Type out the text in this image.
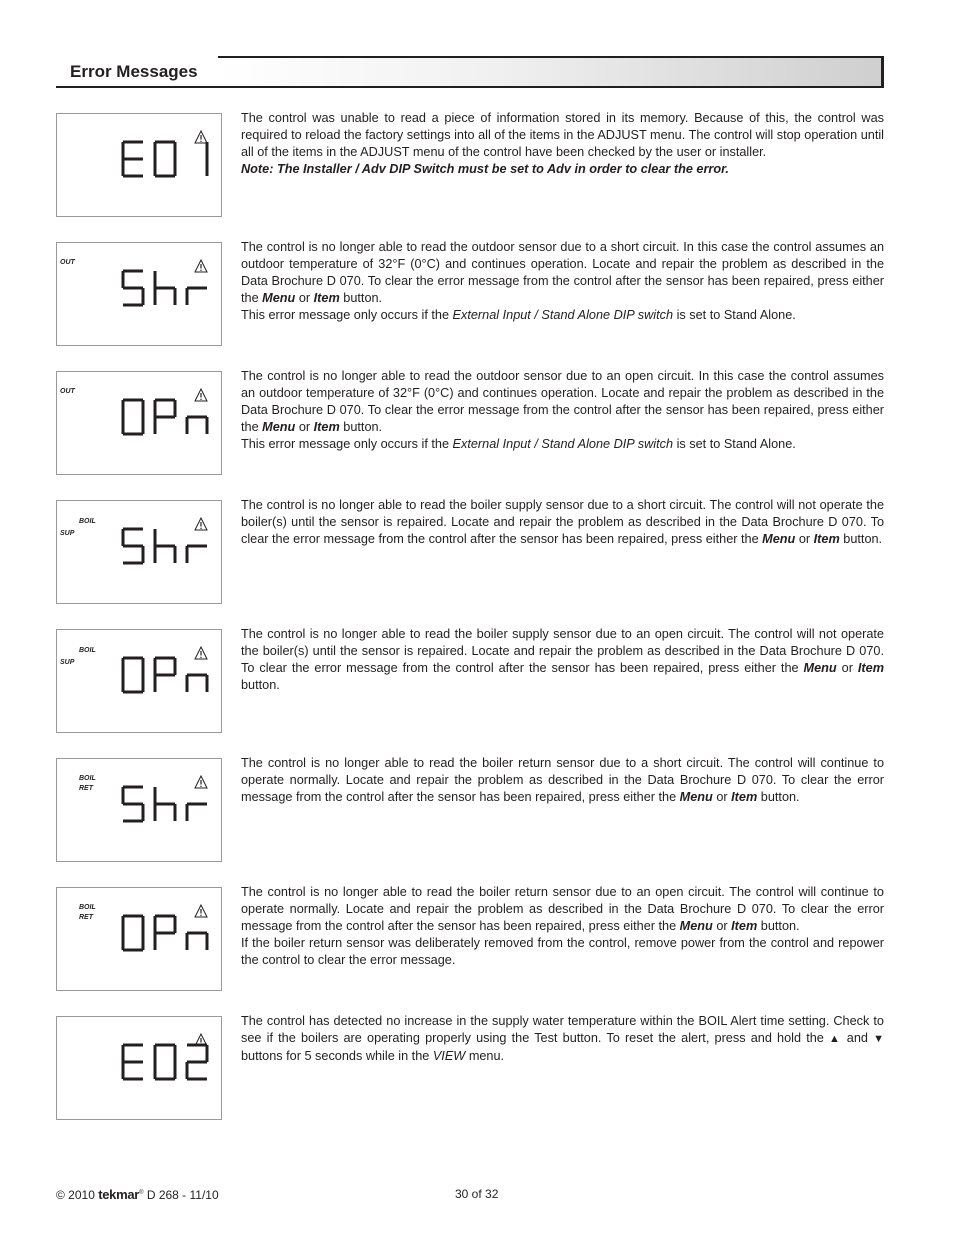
Error Messages

The control was unable to read a piece of information stored in its memory. Because of this, the control was required to reload the factory settings into all of the items in the ADJUST menu. The control will stop operation until all of the items in the ADJUST menu of the control have been checked by the user or installer.

Note: The Installer / Adv DIP Switch must be set to Adv in order to clear the error.

OUT

The control is no longer able to read the outdoor sensor due to a short circuit. In this case the control assumes an outdoor temperature of 32°F (0°C) and continues operation. Locate and repair the problem as described in the Data Brochure D 070. To clear the error message from the control after the sensor has been repaired, press either the Menu or Item button.

This error message only occurs if the External Input / Stand Alone DIP switch is set to Stand Alone.

OUT

The control is no longer able to read the outdoor sensor due to an open circuit. In this case the control assumes an outdoor temperature of 32°F (0°C) and continues operation. Locate and repair the problem as described in the Data Brochure D 070. To clear the error message from the control after the sensor has been repaired, press either the Menu or Item button.

This error message only occurs if the External Input / Stand Alone DIP switch is set to Stand Alone.

BOIL
SUP

The control is no longer able to read the boiler supply sensor due to a short circuit. The control will not operate the boiler(s) until the sensor is repaired. Locate and repair the problem as described in the Data Brochure D 070. To clear the error message from the control after the sensor has been repaired, press either the Menu or Item button.

BOIL
SUP

The control is no longer able to read the boiler supply sensor due to an open circuit. The control will not operate the boiler(s) until the sensor is repaired. Locate and repair the problem as described in the Data Brochure D 070. To clear the error message from the control after the sensor has been repaired, press either the Menu or Item button.

BOIL
RET

The control is no longer able to read the boiler return sensor due to a short circuit. The control will continue to operate normally. Locate and repair the problem as described in the Data Brochure D 070. To clear the error message from the control after the sensor has been repaired, press either the Menu or Item button.

BOIL
RET

The control is no longer able to read the boiler return sensor due to an open circuit. The control will continue to operate normally. Locate and repair the problem as described in the Data Brochure D 070. To clear the error message from the control after the sensor has been repaired, press either the Menu or Item button.

If the boiler return sensor was deliberately removed from the control, remove power from the control and repower the control to clear the error message.

The control has detected no increase in the supply water temperature within the BOIL Alert time setting. Check to see if the boilers are operating properly using the Test button. To reset the alert, press and hold the ▲ and ▼ buttons for 5 seconds while in the VIEW menu.

© 2010 tekmar® D 268 - 11/10	30 of 32
